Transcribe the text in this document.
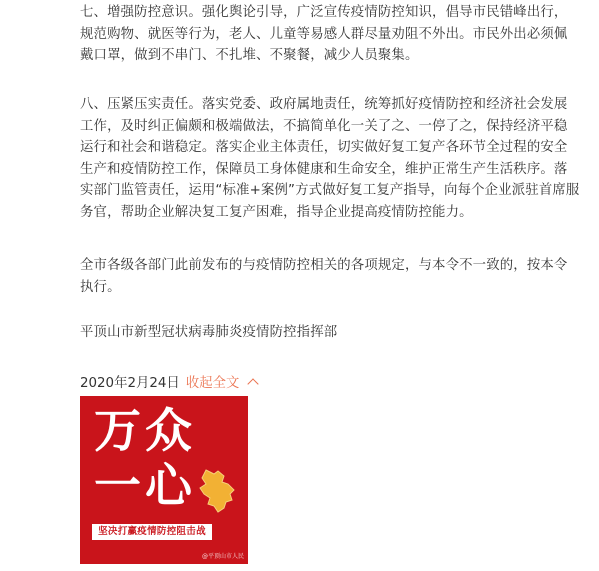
七、增强防控意识。强化舆论引导，广泛宣传疫情防控知识，倡导市民错峰出行，规范购物、就医等行为，老人、儿童等易感人群尽量劝阻不外出。市民外出必须佩戴口罩，做到不串门、不扎堆、不聚餐，减少人员聚集。

八、压紧压实责任。落实党委、政府属地责任，统筹抓好疫情防控和经济社会发展工作，及时纠正偏颇和极端做法，不搞简单化一关了之、一停了之，保持经济平稳运行和社会和谐稳定。落实企业主体责任，切实做好复工复产各环节全过程的安全生产和疫情防控工作，保障员工身体健康和生命安全，维护正常生产生活秩序。落实部门监管责任，运用“标准+案例”方式做好复工复产指导，向每个企业派驻首席服务官，帮助企业解决复工复产困难，指导企业提高疫情防控能力。

全市各级各部门此前发布的与疫情防控相关的各项规定，与本令不一致的，按本令执行。

平顶山市新型冠状病毒肺炎疫情防控指挥部

2020年2月24日 收起全文
万众
一心
坚决打赢疫情防控阻击战
@平顶山市人民
